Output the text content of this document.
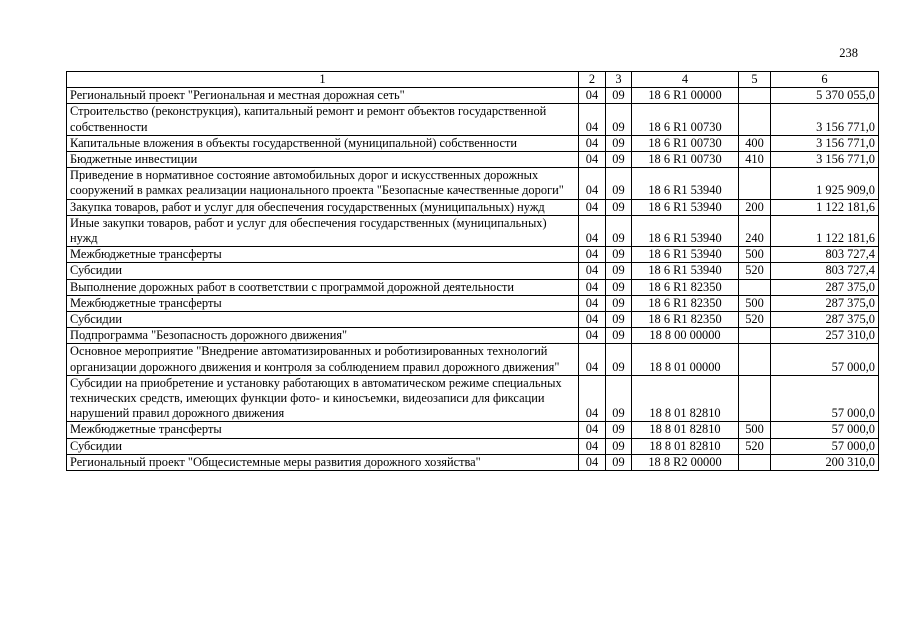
238
1	2	3	4	5	6
Региональный проект "Региональная и местная дорожная сеть"	04	09	18 6 R1 00000		5 370 055,0
Строительство (реконструкция), капитальный ремонт и ремонт объектов государственной собственности	04	09	18 6 R1 00730		3 156 771,0
Капитальные вложения в объекты государственной (муниципальной) собственности	04	09	18 6 R1 00730	400	3 156 771,0
Бюджетные инвестиции	04	09	18 6 R1 00730	410	3 156 771,0
Приведение в нормативное состояние автомобильных дорог и искусственных дорожных сооружений в рамках реализации национального проекта "Безопасные качественные дороги"	04	09	18 6 R1 53940		1 925 909,0
Закупка товаров, работ и услуг для обеспечения государственных (муниципальных) нужд	04	09	18 6 R1 53940	200	1 122 181,6
Иные закупки товаров, работ и услуг для обеспечения государственных (муниципальных) нужд	04	09	18 6 R1 53940	240	1 122 181,6
Межбюджетные трансферты	04	09	18 6 R1 53940	500	803 727,4
Субсидии	04	09	18 6 R1 53940	520	803 727,4
Выполнение дорожных работ в соответствии с программой дорожной деятельности	04	09	18 6 R1 82350		287 375,0
Межбюджетные трансферты	04	09	18 6 R1 82350	500	287 375,0
Субсидии	04	09	18 6 R1 82350	520	287 375,0
Подпрограмма "Безопасность дорожного движения"	04	09	18 8 00 00000		257 310,0
Основное мероприятие "Внедрение автоматизированных и роботизированных технологий организации дорожного движения и контроля за соблюдением правил дорожного движения"	04	09	18 8 01 00000		57 000,0
Субсидии на приобретение и установку работающих в автоматическом режиме специальных технических средств, имеющих функции фото- и киносъемки, видеозаписи для фиксации нарушений правил дорожного движения	04	09	18 8 01 82810		57 000,0
Межбюджетные трансферты	04	09	18 8 01 82810	500	57 000,0
Субсидии	04	09	18 8 01 82810	520	57 000,0
Региональный проект "Общесистемные меры развития дорожного хозяйства"	04	09	18 8 R2 00000		200 310,0
